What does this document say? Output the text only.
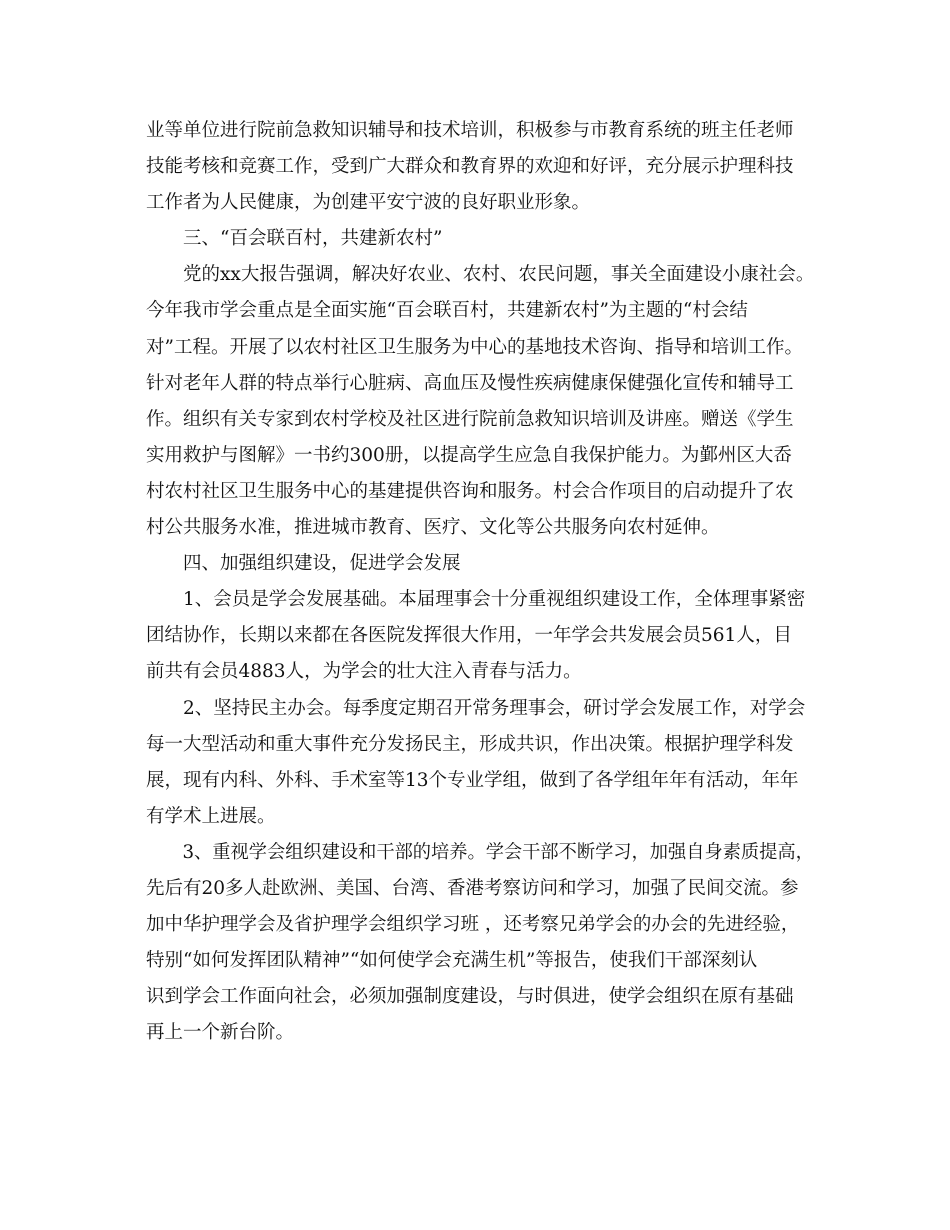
业等单位进行院前急救知识辅导和技术培训，积极参与市教育系统的班主任老师
技能考核和竞赛工作，受到广大群众和教育界的欢迎和好评，充分展示护理科技
工作者为人民健康，为创建平安宁波的良好职业形象。
三、“百会联百村，共建新农村”
党的xx大报告强调，解决好农业、农村、农民问题，事关全面建设小康社会。
今年我市学会重点是全面实施“百会联百村，共建新农村”为主题的“村会结
对”工程。开展了以农村社区卫生服务为中心的基地技术咨询、指导和培训工作。
针对老年人群的特点举行心脏病、高血压及慢性疾病健康保健强化宣传和辅导工
作。组织有关专家到农村学校及社区进行院前急救知识培训及讲座。赠送《学生
实用救护与图解》一书约300册，以提高学生应急自我保护能力。为鄞州区大岙
村农村社区卫生服务中心的基建提供咨询和服务。村会合作项目的启动提升了农
村公共服务水准，推进城市教育、医疗、文化等公共服务向农村延伸。
四、加强组织建设，促进学会发展
1、会员是学会发展基础。本届理事会十分重视组织建设工作，全体理事紧密
团结协作，长期以来都在各医院发挥很大作用，一年学会共发展会员561人，目
前共有会员4883人，为学会的壮大注入青春与活力。
2、坚持民主办会。每季度定期召开常务理事会，研讨学会发展工作，对学会
每一大型活动和重大事件充分发扬民主，形成共识，作出决策。根据护理学科发
展，现有内科、外科、手术室等13个专业学组，做到了各学组年年有活动，年年
有学术上进展。
3、重视学会组织建设和干部的培养。学会干部不断学习，加强自身素质提高，
先后有20多人赴欧洲、美国、台湾、香港考察访问和学习，加强了民间交流。参
加中华护理学会及省护理学会组织学习班 ，还考察兄弟学会的办会的先进经验，
特别“如何发挥团队精神”“如何使学会充满生机”等报告，使我们干部深刻认
识到学会工作面向社会，必须加强制度建设，与时俱进，使学会组织在原有基础
再上一个新台阶。
